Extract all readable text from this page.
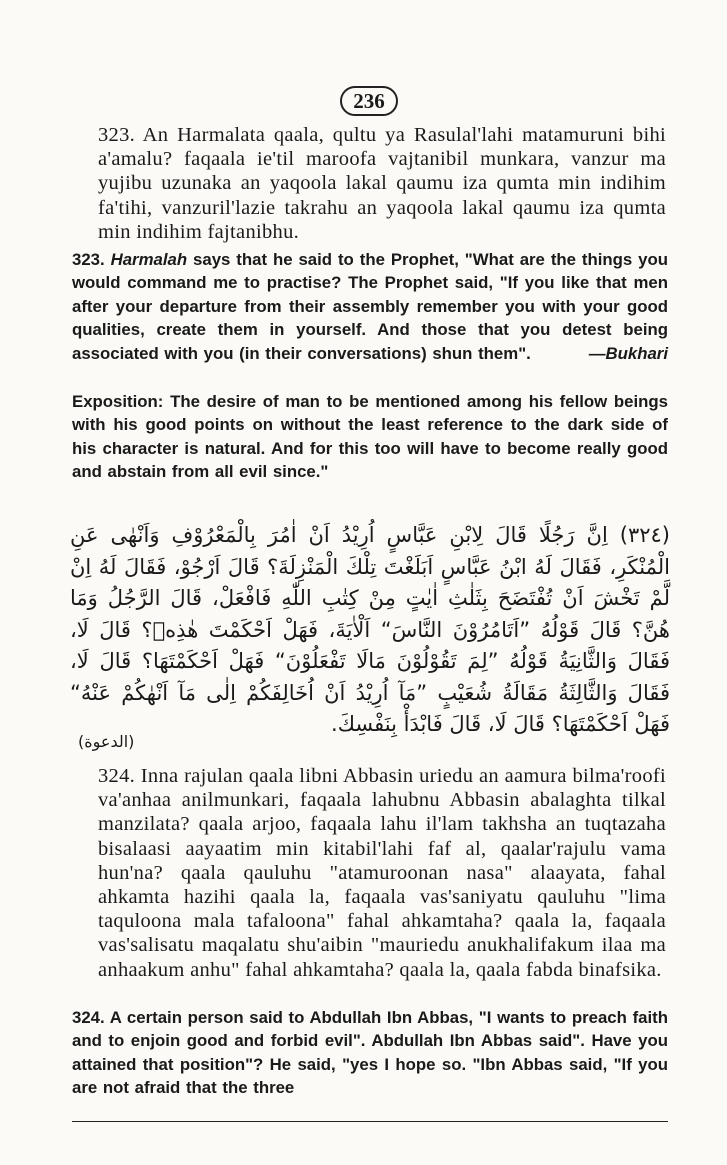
236

323. An Harmalata qaala, qultu ya Rasulal'lahi matamuruni bihi a'amalu? faqaala ie'til maroofa vajtanibil munkara, vanzur ma yujibu uzunaka an yaqoola lakal qaumu iza qumta min indihim fa'tihi, vanzuril'lazie takrahu an yaqoola lakal qaumu iza qumta min indihim fajtanibhu.

323. Harmalah says that he said to the Prophet, "What are the things you would command me to practise? The Prophet said, "If you like that men after your departure from their assembly remember you with your good qualities, create them in yourself. And those that you detest being associated with you (in their conversations) shun them".	—Bukhari

Exposition: The desire of man to be mentioned among his fellow beings with his good points on without the least reference to the dark side of his character is natural. And for this too will have to become really good and abstain from all evil since."

(٣٢٤) اِنَّ رَجُلًا قَالَ لِابْنِ عَبَّاسٍ اُرِيْدُ اَنْ اٰمُرَ بِالْمَعْرُوْفِ وَاَنْهٰى عَنِ الْمُنْكَرِ، فَقَالَ لَهُ ابْنُ عَبَّاسٍ اَبَلَغْتَ تِلْكَ الْمَنْزِلَةَ؟ قَالَ اَرْجُوْ، فَقَالَ لَهُ اِنْ لَّمْ تَخْشَ اَنْ تُفْتَضَحَ بِثَلٰثِ اٰيٰتٍ مِنْ كِتٰبِ اللّٰهِ فَافْعَلْ، قَالَ الرَّجُلُ وَمَا هُنَّ؟ قَالَ قَوْلُهُ ”اَتَامُرُوْنَ النَّاسَ“ اَلْاٰيَةَ، فَهَلْ اَحْكَمْتَ هٰذِهٖ؟ قَالَ لَا، فَقَالَ وَالثَّانِيَةُ قَوْلُهُ ”لِمَ تَقُوْلُوْنَ مَالَا تَفْعَلُوْنَ“ فَهَلْ اَحْكَمْتَهَا؟ قَالَ لَا، فَقَالَ وَالثَّالِثَةُ مَقَالَةُ شُعَيْبٍ ”مَآ اُرِيْدُ اَنْ اُخَالِفَكُمْ اِلٰى مَآ اَنْهٰكُمْ عَنْهُ“ فَهَلْ اَحْكَمْتَهَا؟ قَالَ لَا، قَالَ فَابْدَأْ بِنَفْسِكَ.

(الدعوة)

324. Inna rajulan qaala libni Abbasin uriedu an aamura bilma'roofi va'anhaa anilmunkari, faqaala lahubnu Abbasin abalaghta tilkal manzilata? qaala arjoo, faqaala lahu il'lam takhsha an tuqtazaha bisalaasi aayaatim min kitabil'lahi faf al, qaalar'rajulu vama hun'na? qaala qauluhu "atamuroonan nasa" alaayata, fahal ahkamta hazihi qaala la, faqaala vas'saniyatu qauluhu "lima taquloona mala tafaloona" fahal ahkamtaha? qaala la, faqaala vas'salisatu maqalatu shu'aibin "mauriedu anukhalifakum ilaa ma anhaakum anhu" fahal ahkamtaha? qaala la, qaala fabda binafsika.

324. A certain person said to Abdullah Ibn Abbas, "I wants to preach faith and to enjoin good and forbid evil". Abdullah Ibn Abbas said". Have you attained that position"? He said, "yes I hope so. "Ibn Abbas said, "If you are not afraid that the three
